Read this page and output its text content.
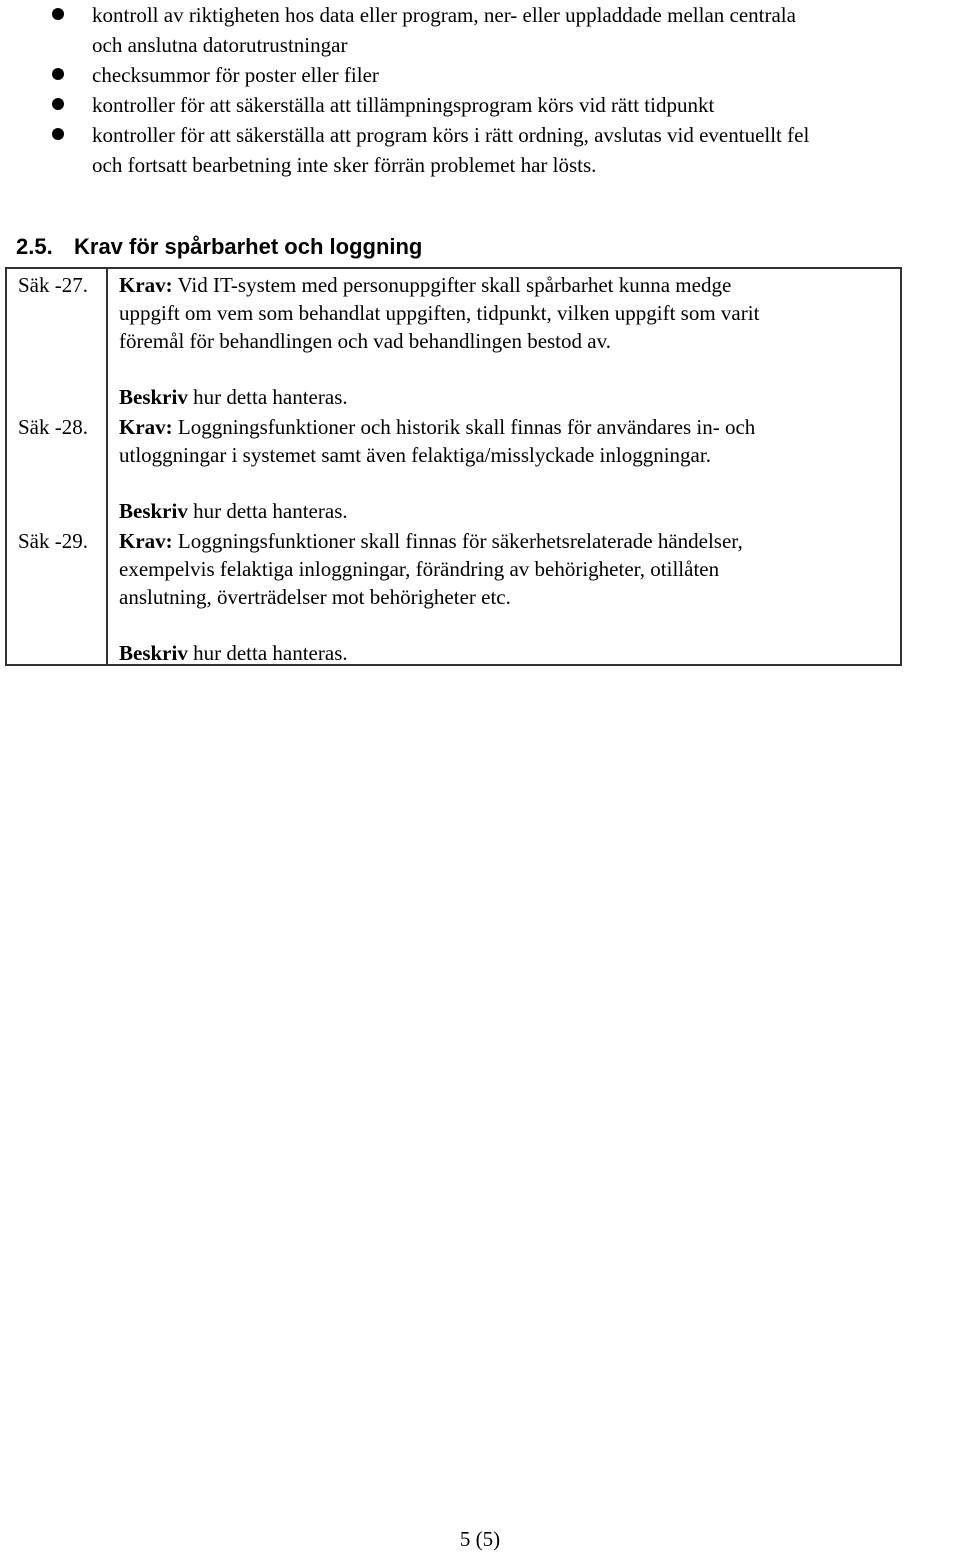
kontroll av riktigheten hos data eller program, ner- eller uppladdade mellan centrala
och anslutna datorutrustningar
checksummor för poster eller filer
kontroller för att säkerställa att tillämpningsprogram körs vid rätt tidpunkt
kontroller för att säkerställa att program körs i rätt ordning, avslutas vid eventuellt fel
och fortsatt bearbetning inte sker förrän problemet har lösts.
2.5. Krav för spårbarhet och loggning
Säk -27. Krav: Vid IT-system med personuppgifter skall spårbarhet kunna medge
uppgift om vem som behandlat uppgiften, tidpunkt, vilken uppgift som varit
föremål för behandlingen och vad behandlingen bestod av.
Beskriv hur detta hanteras.
Säk -28. Krav: Loggningsfunktioner och historik skall finnas för användares in- och
utloggningar i systemet samt även felaktiga/misslyckade inloggningar.
Beskriv hur detta hanteras.
Säk -29. Krav: Loggningsfunktioner skall finnas för säkerhetsrelaterade händelser,
exempelvis felaktiga inloggningar, förändring av behörigheter, otillåten
anslutning, överträdelser mot behörigheter etc.
Beskriv hur detta hanteras.
5 (5)
